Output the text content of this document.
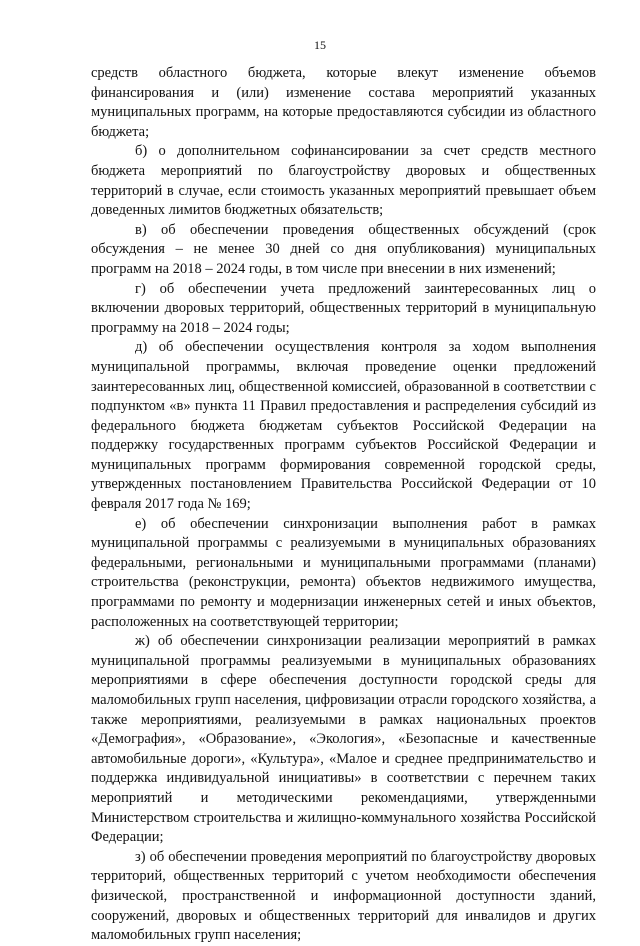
15

средств областного бюджета, которые влекут изменение объемов финансирования и (или) изменение состава мероприятий указанных муниципальных программ, на которые предоставляются субсидии из областного бюджета;

б) о дополнительном софинансировании за счет средств местного бюджета мероприятий по благоустройству дворовых и общественных территорий в случае, если стоимость указанных мероприятий превышает объем доведенных лимитов бюджетных обязательств;

в) об обеспечении проведения общественных обсуждений (срок обсуждения – не менее 30 дней со дня опубликования) муниципальных программ на 2018 – 2024 годы, в том числе при внесении в них изменений;

г) об обеспечении учета предложений заинтересованных лиц о включении дворовых территорий, общественных территорий в муниципальную программу на 2018 – 2024 годы;

д) об обеспечении осуществления контроля за ходом выполнения муниципальной программы, включая проведение оценки предложений заинтересованных лиц, общественной комиссией, образованной в соответствии с подпунктом «в» пункта 11 Правил предоставления и распределения субсидий из федерального бюджета бюджетам субъектов Российской Федерации на поддержку государственных программ субъектов Российской Федерации и муниципальных программ формирования современной городской среды, утвержденных постановлением Правительства Российской Федерации от 10 февраля 2017 года № 169;

е) об обеспечении синхронизации выполнения работ в рамках муниципальной программы с реализуемыми в муниципальных образованиях федеральными, региональными и муниципальными программами (планами) строительства (реконструкции, ремонта) объектов недвижимого имущества, программами по ремонту и модернизации инженерных сетей и иных объектов, расположенных на соответствующей территории;

ж) об обеспечении синхронизации реализации мероприятий в рамках муниципальной программы реализуемыми в муниципальных образованиях мероприятиями в сфере обеспечения доступности городской среды для маломобильных групп населения, цифровизации отрасли городского хозяйства, а также мероприятиями, реализуемыми в рамках национальных проектов «Демография», «Образование», «Экология», «Безопасные и качественные автомобильные дороги», «Культура», «Малое и среднее предпринимательство и поддержка индивидуальной инициативы» в соответствии с перечнем таких мероприятий и методическими рекомендациями, утвержденными Министерством строительства и жилищно-коммунального хозяйства Российской Федерации;

з) об обеспечении проведения мероприятий по благоустройству дворовых территорий, общественных территорий с учетом необходимости обеспечения физической, пространственной и информационной доступности зданий, сооружений, дворовых и общественных территорий для инвалидов и других маломобильных групп населения;
